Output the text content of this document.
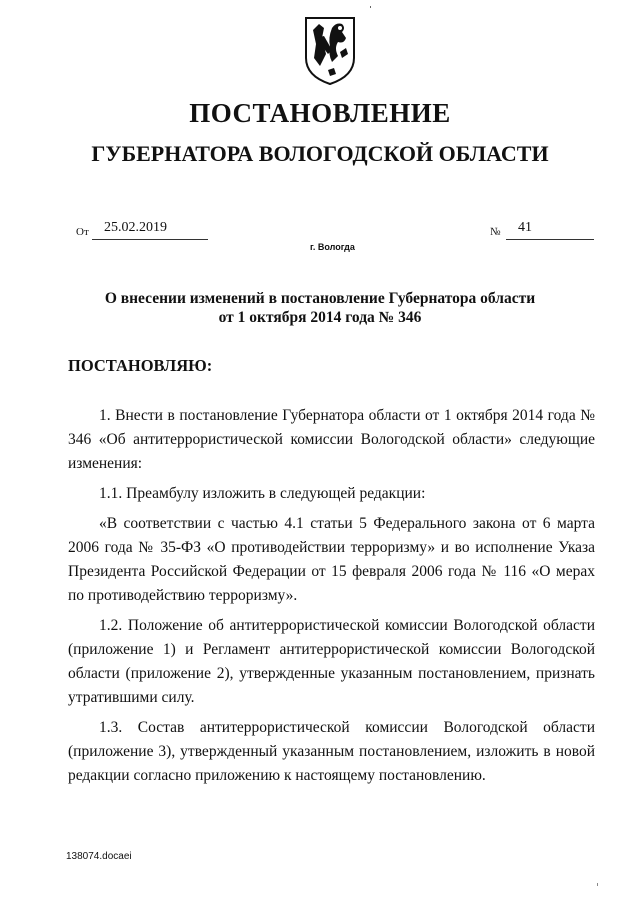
ПОСТАНОВЛЕНИЕ
ГУБЕРНАТОРА ВОЛОГОДСКОЙ ОБЛАСТИ
От 25.02.2019	№ 41
г. Вологда
О внесении изменений в постановление Губернатора области
от 1 октября 2014 года № 346
ПОСТАНОВЛЯЮ:

1. Внести в постановление Губернатора области от 1 октября 2014 года № 346 «Об антитеррористической комиссии Вологодской области» следующие изменения:

1.1. Преамбулу изложить в следующей редакции:

«В соответствии с частью 4.1 статьи 5 Федерального закона от 6 марта 2006 года № 35-ФЗ «О противодействии терроризму» и во исполнение Указа Президента Российской Федерации от 15 февраля 2006 года № 116 «О мерах по противодействию терроризму».

1.2. Положение об антитеррористической комиссии Вологодской области (приложение 1) и Регламент антитеррористической комиссии Вологодской области (приложение 2), утвержденные указанным постановлением, признать утратившими силу.

1.3. Состав антитеррористической комиссии Вологодской области (приложение 3), утвержденный указанным постановлением, изложить в новой редакции согласно приложению к настоящему постановлению.

138074.docaei
